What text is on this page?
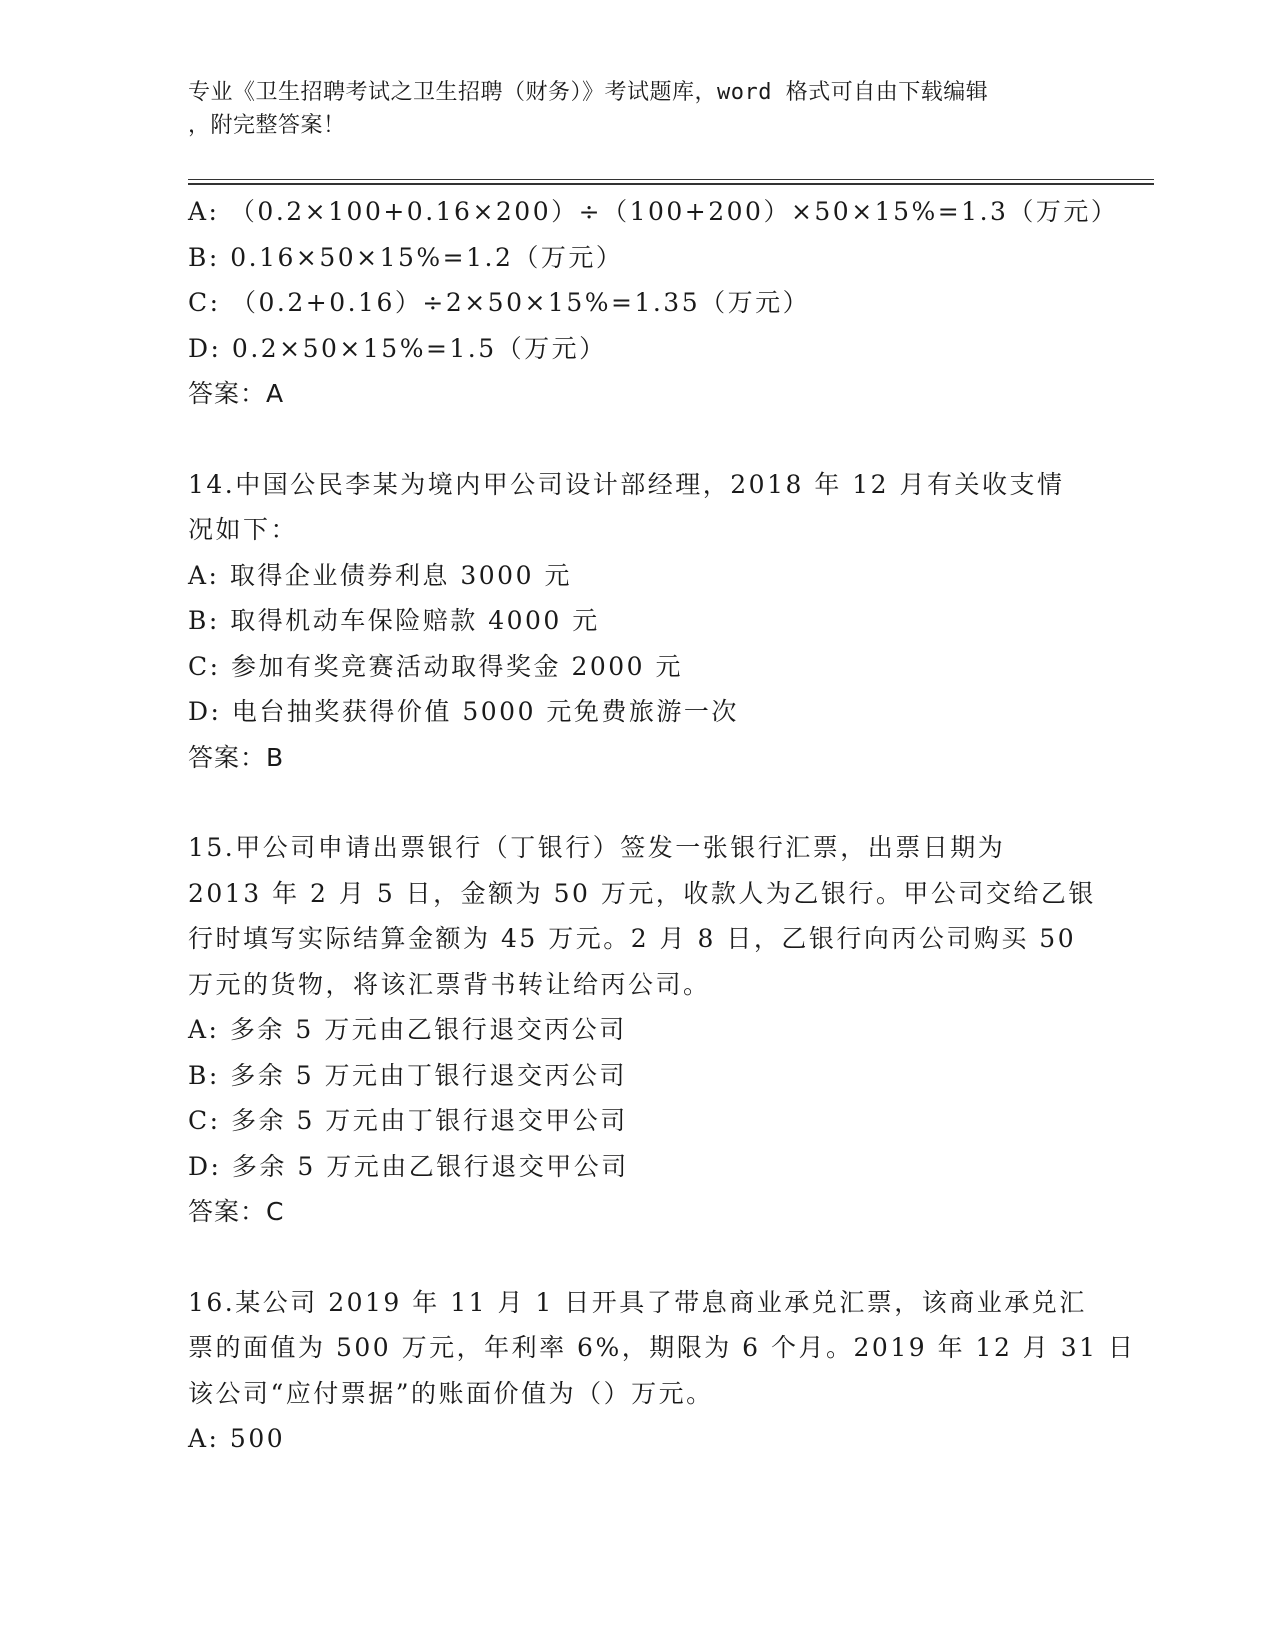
专业《卫生招聘考试之卫生招聘（财务）》考试题库，word 格式可自由下载编辑
，附完整答案！
A: （0.2×100+0.16×200）÷（100+200）×50×15%=1.3（万元）
B: 0.16×50×15%=1.2（万元）
C: （0.2+0.16）÷2×50×15%=1.35（万元）
D: 0.2×50×15%=1.5（万元）
答案：A
14.中国公民李某为境内甲公司设计部经理，2018 年 12 月有关收支情
况如下：
A: 取得企业债券利息 3000 元
B: 取得机动车保险赔款 4000 元
C: 参加有奖竞赛活动取得奖金 2000 元
D: 电台抽奖获得价值 5000 元免费旅游一次
答案：B
15.甲公司申请出票银行（丁银行）签发一张银行汇票，出票日期为
2013 年 2 月 5 日，金额为 50 万元，收款人为乙银行。甲公司交给乙银
行时填写实际结算金额为 45 万元。2 月 8 日，乙银行向丙公司购买 50
万元的货物，将该汇票背书转让给丙公司。
A: 多余 5 万元由乙银行退交丙公司
B: 多余 5 万元由丁银行退交丙公司
C: 多余 5 万元由丁银行退交甲公司
D: 多余 5 万元由乙银行退交甲公司
答案：C
16.某公司 2019 年 11 月 1 日开具了带息商业承兑汇票，该商业承兑汇
票的面值为 500 万元，年利率 6%，期限为 6 个月。2019 年 12 月 31 日
该公司“应付票据”的账面价值为（）万元。
A: 500
